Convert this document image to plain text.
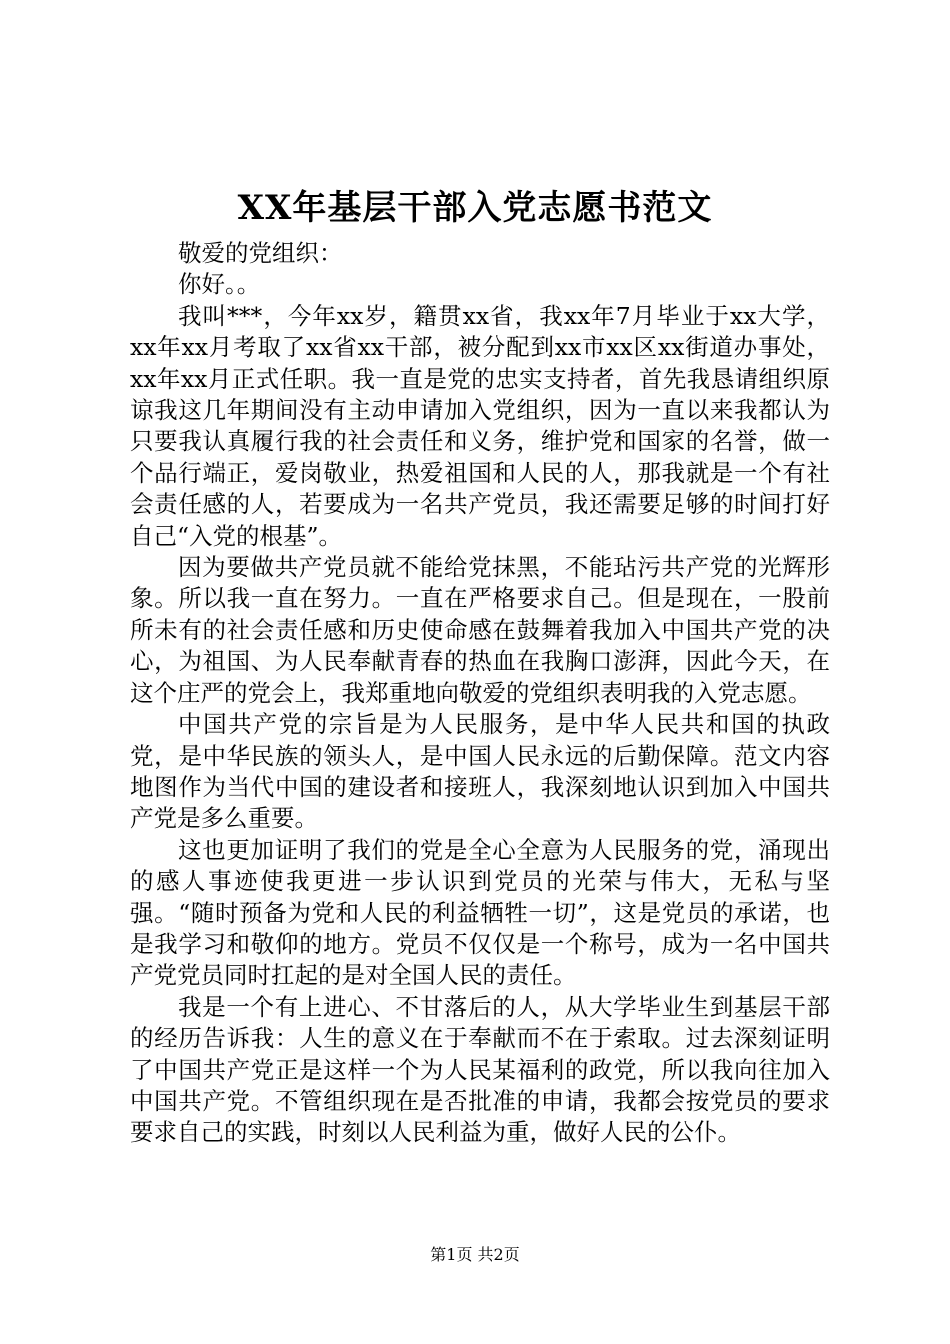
XX年基层干部入党志愿书范文

敬爱的党组织：

你好。。

我叫***，今年xx岁，籍贯xx省，我xx年7月毕业于xx大学，xx年xx月考取了xx省xx干部，被分配到xx市xx区xx街道办事处，xx年xx月正式任职。我一直是党的忠实支持者，首先我恳请组织原谅我这几年期间没有主动申请加入党组织，因为一直以来我都认为只要我认真履行我的社会责任和义务，维护党和国家的名誉，做一个品行端正，爱岗敬业，热爱祖国和人民的人，那我就是一个有社会责任感的人，若要成为一名共产党员，我还需要足够的时间打好自己“入党的根基”。

因为要做共产党员就不能给党抹黑，不能玷污共产党的光辉形象。所以我一直在努力。一直在严格要求自己。但是现在，一股前所未有的社会责任感和历史使命感在鼓舞着我加入中国共产党的决心，为祖国、为人民奉献青春的热血在我胸口澎湃，因此今天，在这个庄严的党会上，我郑重地向敬爱的党组织表明我的入党志愿。

中国共产党的宗旨是为人民服务，是中华人民共和国的执政党，是中华民族的领头人，是中国人民永远的后勤保障。范文内容地图作为当代中国的建设者和接班人，我深刻地认识到加入中国共产党是多么重要。

这也更加证明了我们的党是全心全意为人民服务的党，涌现出的感人事迹使我更进一步认识到党员的光荣与伟大，无私与坚强。“随时预备为党和人民的利益牺牲一切”，这是党员的承诺，也是我学习和敬仰的地方。党员不仅仅是一个称号，成为一名中国共产党党员同时扛起的是对全国人民的责任。

我是一个有上进心、不甘落后的人，从大学毕业生到基层干部的经历告诉我：人生的意义在于奉献而不在于索取。过去深刻证明了中国共产党正是这样一个为人民某福利的政党，所以我向往加入中国共产党。不管组织现在是否批准的申请，我都会按党员的要求要求自己的实践，时刻以人民利益为重，做好人民的公仆。

第1页 共2页
